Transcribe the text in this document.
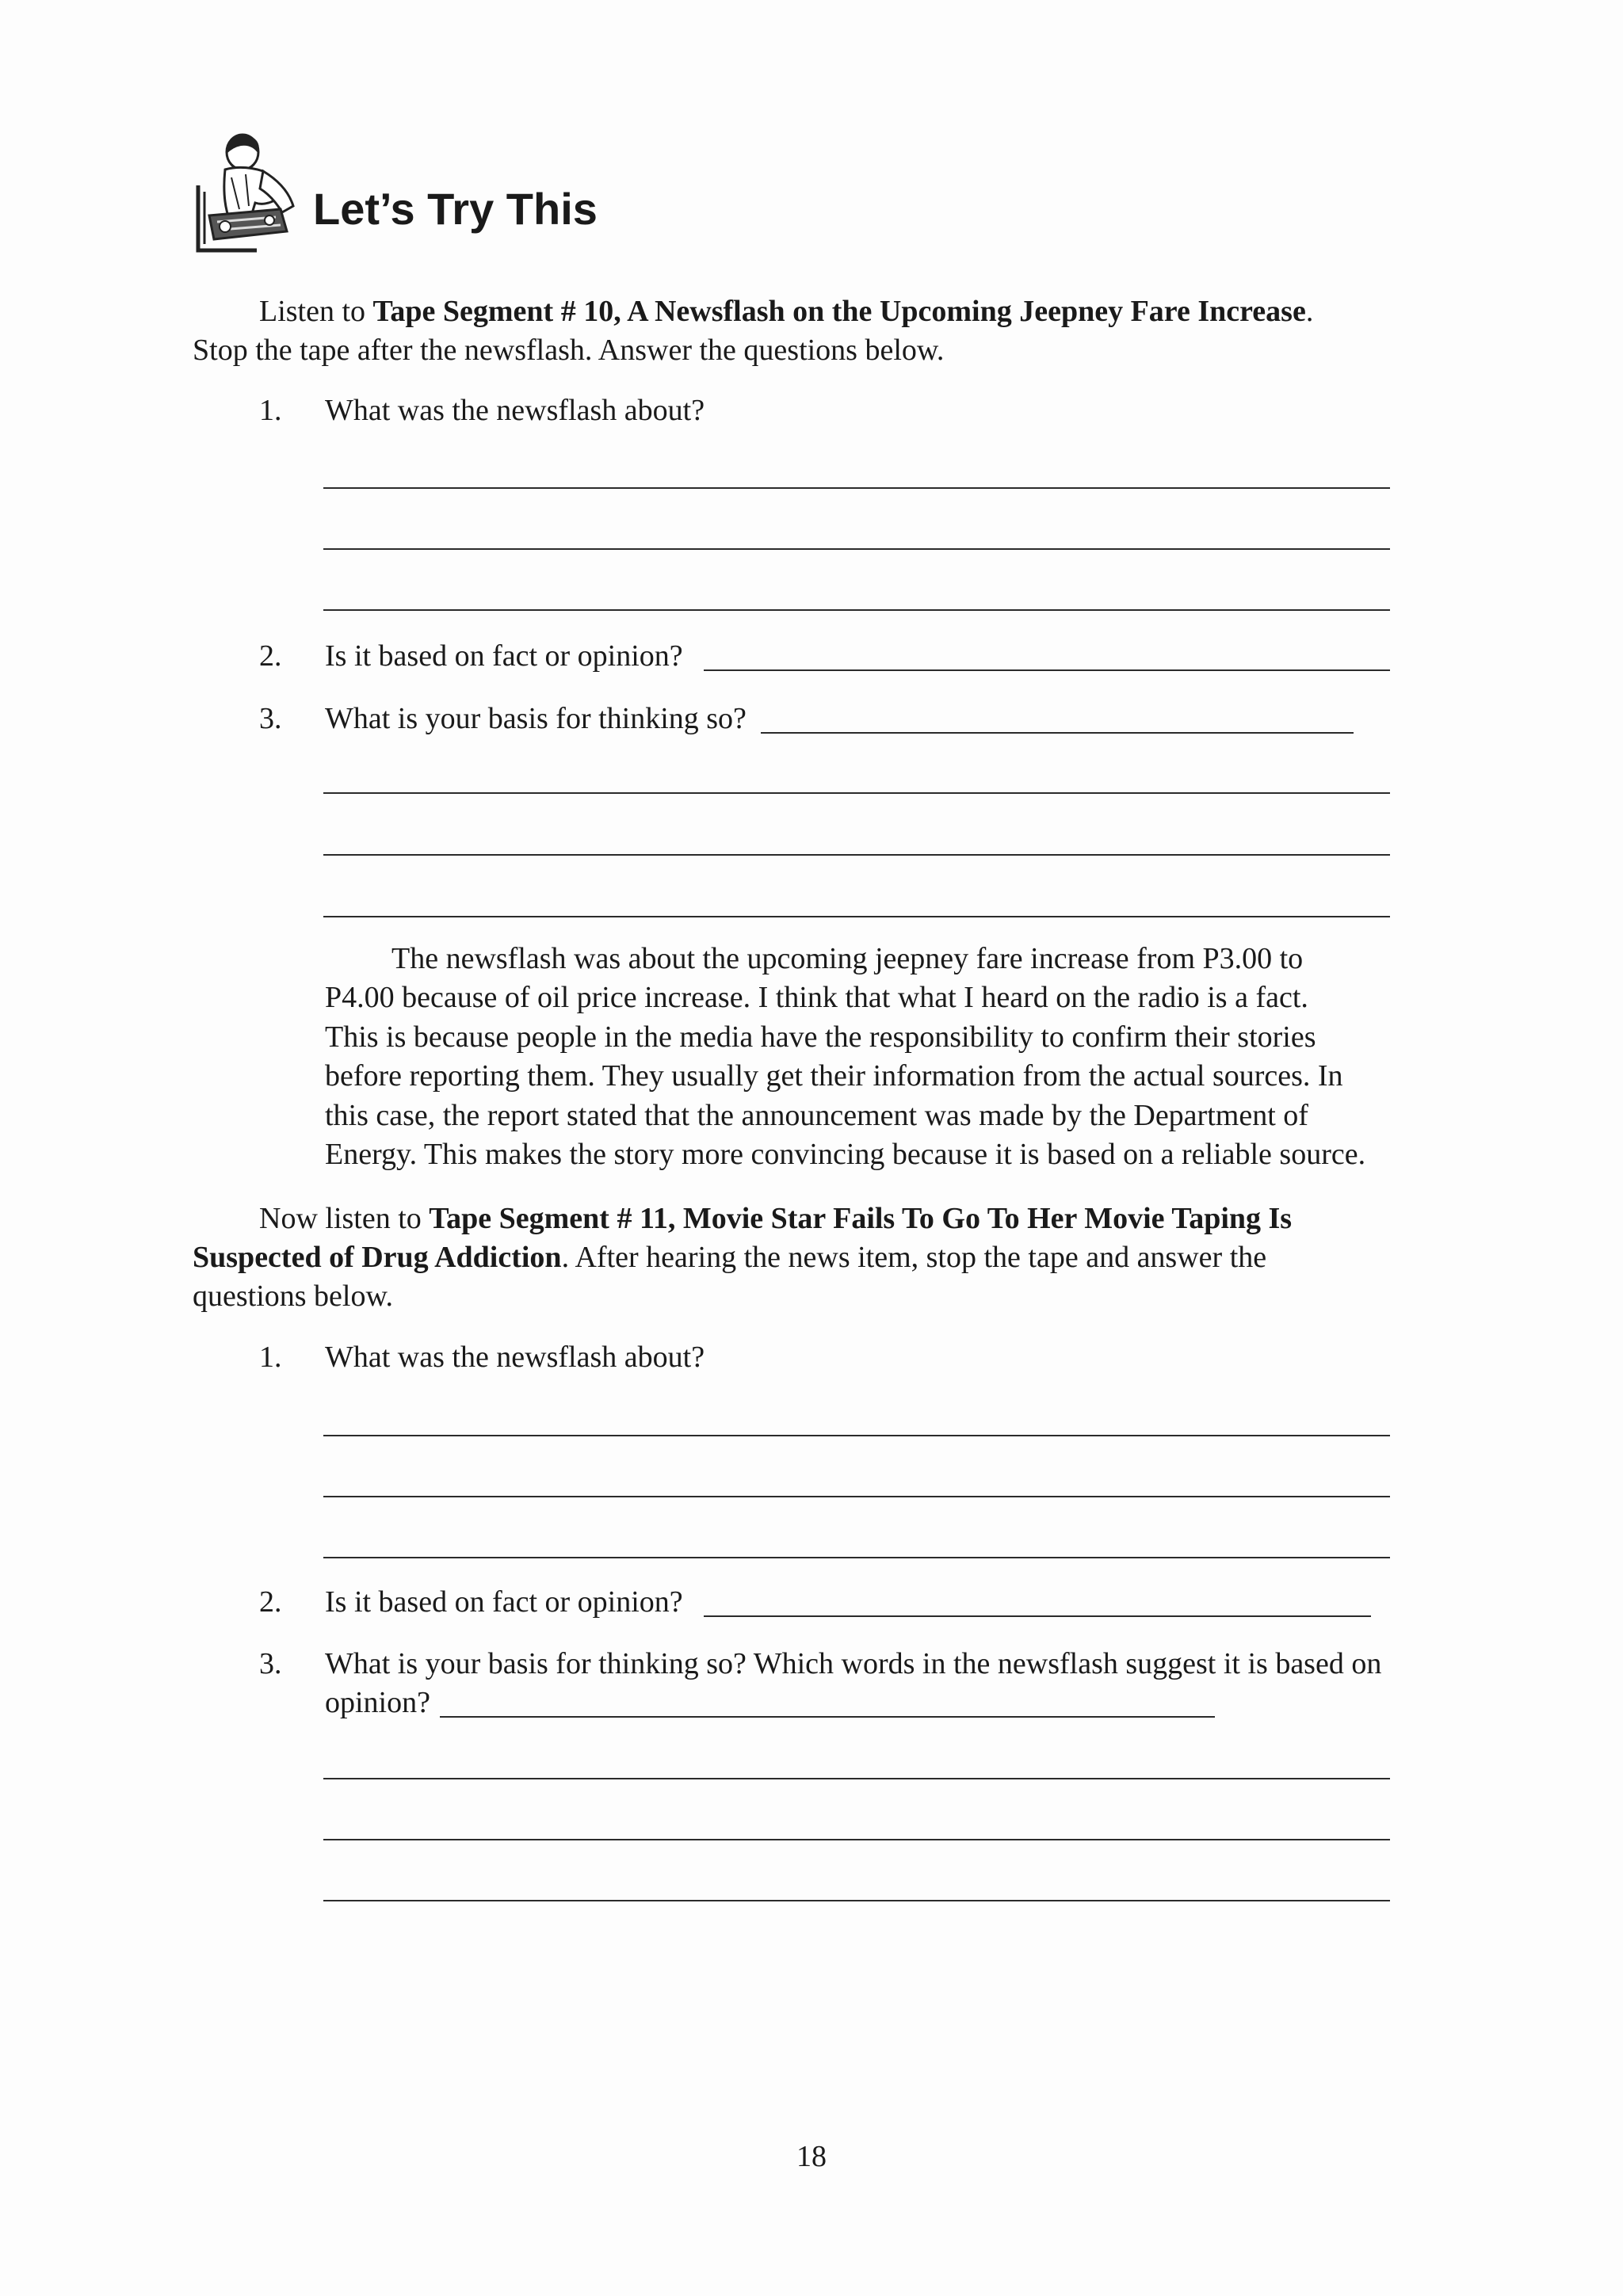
Let’s Try This
Listen to Tape Segment # 10, A Newsflash on the Upcoming Jeepney Fare Increase.
Stop the tape after the newsflash. Answer the questions below.
1.	What was the newsflash about?
2.	Is it based on fact or opinion?
3.	What is your basis for thinking so?
The newsflash was about the upcoming jeepney fare increase from P3.00 to
P4.00 because of oil price increase. I think that what I heard on the radio is a fact.
This is because people in the media have the responsibility to confirm their stories
before reporting them. They usually get their information from the actual sources. In
this case, the report stated that the announcement was made by the Department of
Energy. This makes the story more convincing because it is based on a reliable source.
Now listen to Tape Segment # 11, Movie Star Fails To Go To Her Movie Taping Is
Suspected of Drug Addiction. After hearing the news item, stop the tape and answer the
questions below.
1.	What was the newsflash about?
2.	Is it based on fact or opinion?
3.	What is your basis for thinking so? Which words in the newsflash suggest it is based on
opinion?
18
